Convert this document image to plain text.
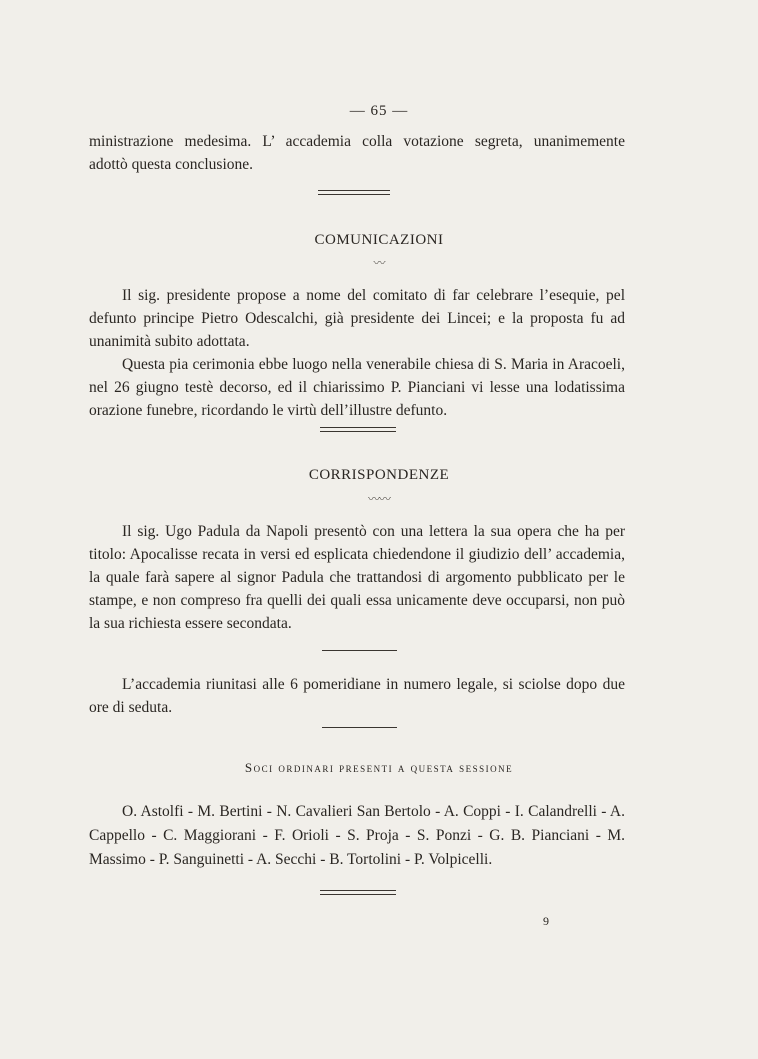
— 65 —

ministrazione medesima. L’ accademia colla votazione segreta, unanimemente

adottò questa conclusione.

COMUNICAZIONI
〰

Il sig. presidente propose a nome del comitato di far celebrare l’esequie, pel defunto principe Pietro Odescalchi, già presidente dei Lincei; e la proposta fu ad unanimità subito adottata.

Questa pia cerimonia ebbe luogo nella venerabile chiesa di S. Maria in Aracoeli, nel 26 giugno testè decorso, ed il chiarissimo P. Pianciani vi lesse una lodatissima orazione funebre, ricordando le virtù dell’illustre defunto.

CORRISPONDENZE
〰〰

Il sig. Ugo Padula da Napoli presentò con una lettera la sua opera che ha per titolo: Apocalisse recata in versi ed esplicata chiedendone il giudizio dell’ accademia, la quale farà sapere al signor Padula che trattandosi di argomento pubblicato per le stampe, e non compreso fra quelli dei quali essa unicamente deve occuparsi, non può la sua richiesta essere secondata.

L’accademia riunitasi alle 6 pomeridiane in numero legale, si sciolse dopo due ore di seduta.

Soci ordinari presenti a questa sessione

O. Astolfi - M. Bertini - N. Cavalieri San Bertolo - A. Coppi - I. Calandrelli - A. Cappello - C. Maggiorani - F. Orioli - S. Proja - S. Ponzi - G. B. Pianciani - M. Massimo - P. Sanguinetti - A. Secchi - B. Tortolini - P. Volpicelli.

9
